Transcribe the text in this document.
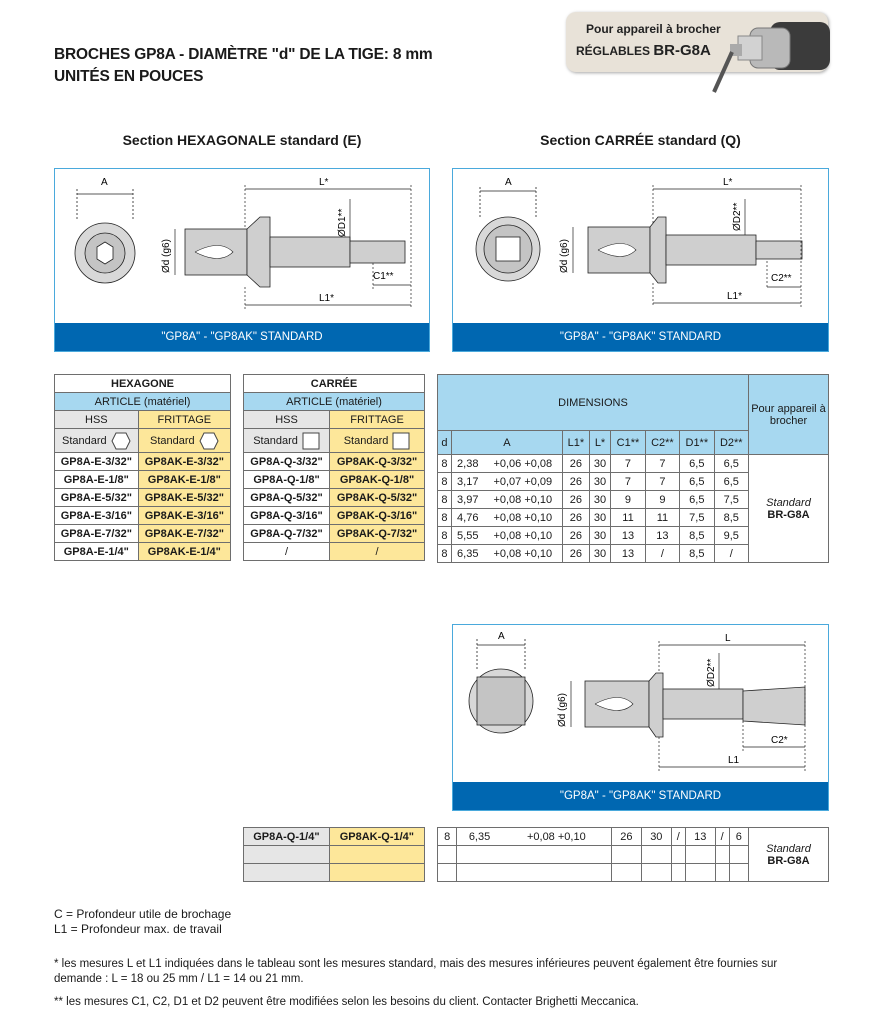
BROCHES GP8A - DIAMÈTRE "d" DE LA TIGE: 8 mm
UNITÉS EN POUCES
Pour appareil à brocher
RÉGLABLES BR-G8A
Section HEXAGONALE standard (E)	Section CARRÉE standard (Q)
A	L*
L1*
C1**
ØD1**
Ød (g6)
"GP8A" - "GP8AK" STANDARD
A	L*
L1*
C2**
ØD2**
Ød (g6)
"GP8A" - "GP8AK" STANDARD
HEXAGONE	
ARTICLE (matériel)	
HSS	FRITTAGE
Standard	Standard
GP8A-E-3/32"	GP8AK-E-3/32"
GP8A-E-1/8"	GP8AK-E-1/8"
GP8A-E-5/32"	GP8AK-E-5/32"
GP8A-E-3/16"	GP8AK-E-3/16"
GP8A-E-7/32"	GP8AK-E-7/32"
GP8A-E-1/4"	GP8AK-E-1/4"
CARRÉE	
ARTICLE (matériel)	
HSS	FRITTAGE
Standard	Standard
GP8A-Q-3/32"	GP8AK-Q-3/32"
GP8A-Q-1/8"	GP8AK-Q-1/8"
GP8A-Q-5/32"	GP8AK-Q-5/32"
GP8A-Q-3/16"	GP8AK-Q-3/16"
GP8A-Q-7/32"	GP8AK-Q-7/32"
/	/
DIMENSIONS									Pour appareil à brocher
d	A		L1*	L*	C1**	C2**	D1**	D2**	
8	2,38	+0,06 +0,08	26	30	7	7	6,5	6,5	Standard
BR-G8A
8	3,17	+0,07 +0,09	26	30	7	7	6,5	6,5	
8	3,97	+0,08 +0,10	26	30	9	9	6,5	7,5	
8	4,76	+0,08 +0,10	26	30	11	11	7,5	8,5	
8	5,55	+0,08 +0,10	26	30	13	13	8,5	9,5	
8	6,35	+0,08 +0,10	26	30	13	/	8,5	/	
A	L
L1
C2*
ØD2**
Ød (g6)
"GP8A" - "GP8AK" STANDARD
GP8A-Q-1/4"	GP8AK-Q-1/4"

		8	6,35	+0,08 +0,10	26	30	/	13	/	6	Standard
BR-G8A

C = Profondeur utile de brochage
L1 = Profondeur max. de travail
* les mesures L et L1 indiquées dans le tableau sont les mesures standard, mais des mesures inférieures peuvent également être fournies sur demande : L = 18 ou 25 mm / L1 = 14 ou 21 mm.
** les mesures C1, C2, D1 et D2 peuvent être modifiées selon les besoins du client. Contacter Brighetti Meccanica.
